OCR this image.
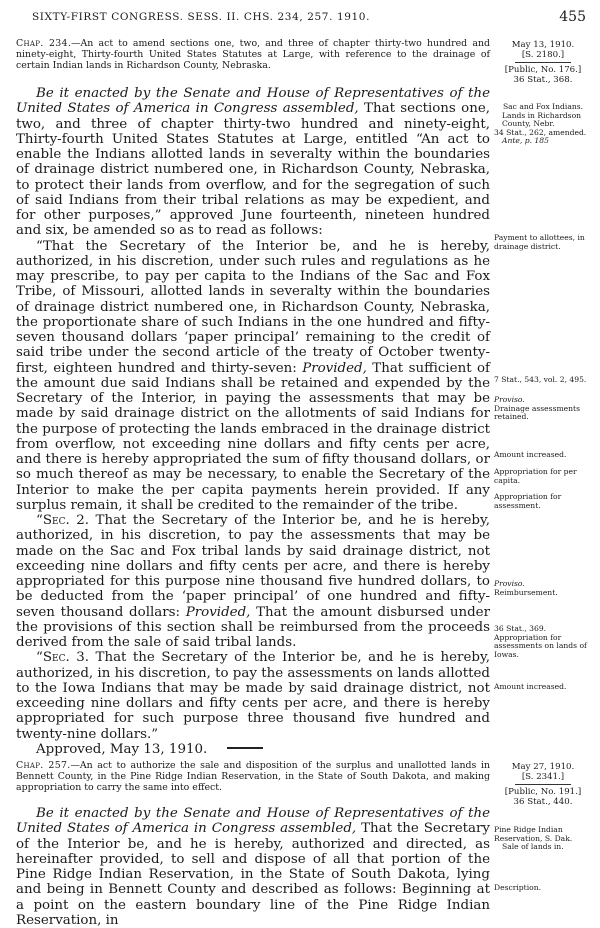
SIXTY-FIRST CONGRESS. SESS. II. CHS. 234, 257. 1910.	455

Chap. 234.—An act to amend sections one, two, and three of chapter thirty-two hundred and ninety-eight, Thirty-fourth United States Statutes at Large, with reference to the drainage of certain Indian lands in Richardson County, Nebraska.

May 13, 1910.
[S. 2180.]
[Public, No. 176.]
36 Stat., 368.

Be it enacted by the Senate and House of Representatives of the United States of America in Congress assembled, That sections one, two, and three of chapter thirty-two hundred and ninety-eight, Thirty-fourth United States Statutes at Large, entitled “An act to enable the Indians allotted lands in severalty within the boundaries of drainage district numbered one, in Richardson County, Nebraska, to protect their lands from overflow, and for the segregation of such of said Indians from their tribal relations as may be expedient, and for other purposes,” approved June fourteenth, nineteen hundred and six, be amended so as to read as follows:

“That the Secretary of the Interior be, and he is hereby, authorized, in his discretion, under such rules and regulations as he may prescribe, to pay per capita to the Indians of the Sac and Fox Tribe, of Missouri, allotted lands in severalty within the boundaries of drainage district numbered one, in Richardson County, Nebraska, the proportionate share of such Indians in the one hundred and fifty-seven thousand dollars ‘paper principal’ remaining to the credit of said tribe under the second article of the treaty of October twenty-first, eighteen hundred and thirty-seven: Provided, That sufficient of the amount due said Indians shall be retained and expended by the Secretary of the Interior, in paying the assessments that may be made by said drainage district on the allotments of said Indians for the purpose of protecting the lands embraced in the drainage district from overflow, not exceeding nine dollars and fifty cents per acre, and there is hereby appropriated the sum of fifty thousand dollars, or so much thereof as may be necessary, to enable the Secretary of the Interior to make the per capita payments herein provided. If any surplus remain, it shall be credited to the remainder of the tribe.

“Sec. 2. That the Secretary of the Interior be, and he is hereby, authorized, in his discretion, to pay the assessments that may be made on the Sac and Fox tribal lands by said drainage district, not exceeding nine dollars and fifty cents per acre, and there is hereby appropriated for this purpose nine thousand five hundred dollars, to be deducted from the ‘paper principal’ of one hundred and fifty-seven thousand dollars: Provided, That the amount disbursed under the provisions of this section shall be reimbursed from the proceeds derived from the sale of said tribal lands.

“Sec. 3. That the Secretary of the Interior be, and he is hereby, authorized, in his discretion, to pay the assessments on lands allotted to the Iowa Indians that may be made by said drainage district, not exceeding nine dollars and fifty cents per acre, and there is hereby appropriated for such purpose three thousand five hundred and twenty-nine dollars.”

Approved, May 13, 1910.

Sac and Fox Indians.
Lands in Richardson County, Nebr.
34 Stat., 262, amended.
Ante, p. 185
Payment to allottees, in drainage district.
7 Stat., 543, vol. 2, 495.
Proviso.
Drainage assessments retained.
Amount increased.
Appropriation for per capita.
Appropriation for assessment.
Proviso.
Reimbursement.
36 Stat., 369.
Appropriation for assessments on lands of Iowas.
Amount increased.

Chap. 257.—An act to authorize the sale and disposition of the surplus and unallotted lands in Bennett County, in the Pine Ridge Indian Reservation, in the State of South Dakota, and making appropriation to carry the same into effect.

May 27, 1910.
[S. 2341.]
[Public, No. 191.]
36 Stat., 440.

Be it enacted by the Senate and House of Representatives of the United States of America in Congress assembled, That the Secretary of the Interior be, and he is hereby, authorized and directed, as hereinafter provided, to sell and dispose of all that portion of the Pine Ridge Indian Reservation, in the State of South Dakota, lying and being in Bennett County and described as follows: Beginning at a point on the eastern boundary line of the Pine Ridge Indian Reservation, in

Pine Ridge Indian Reservation, S. Dak.
Sale of lands in.
Description.
